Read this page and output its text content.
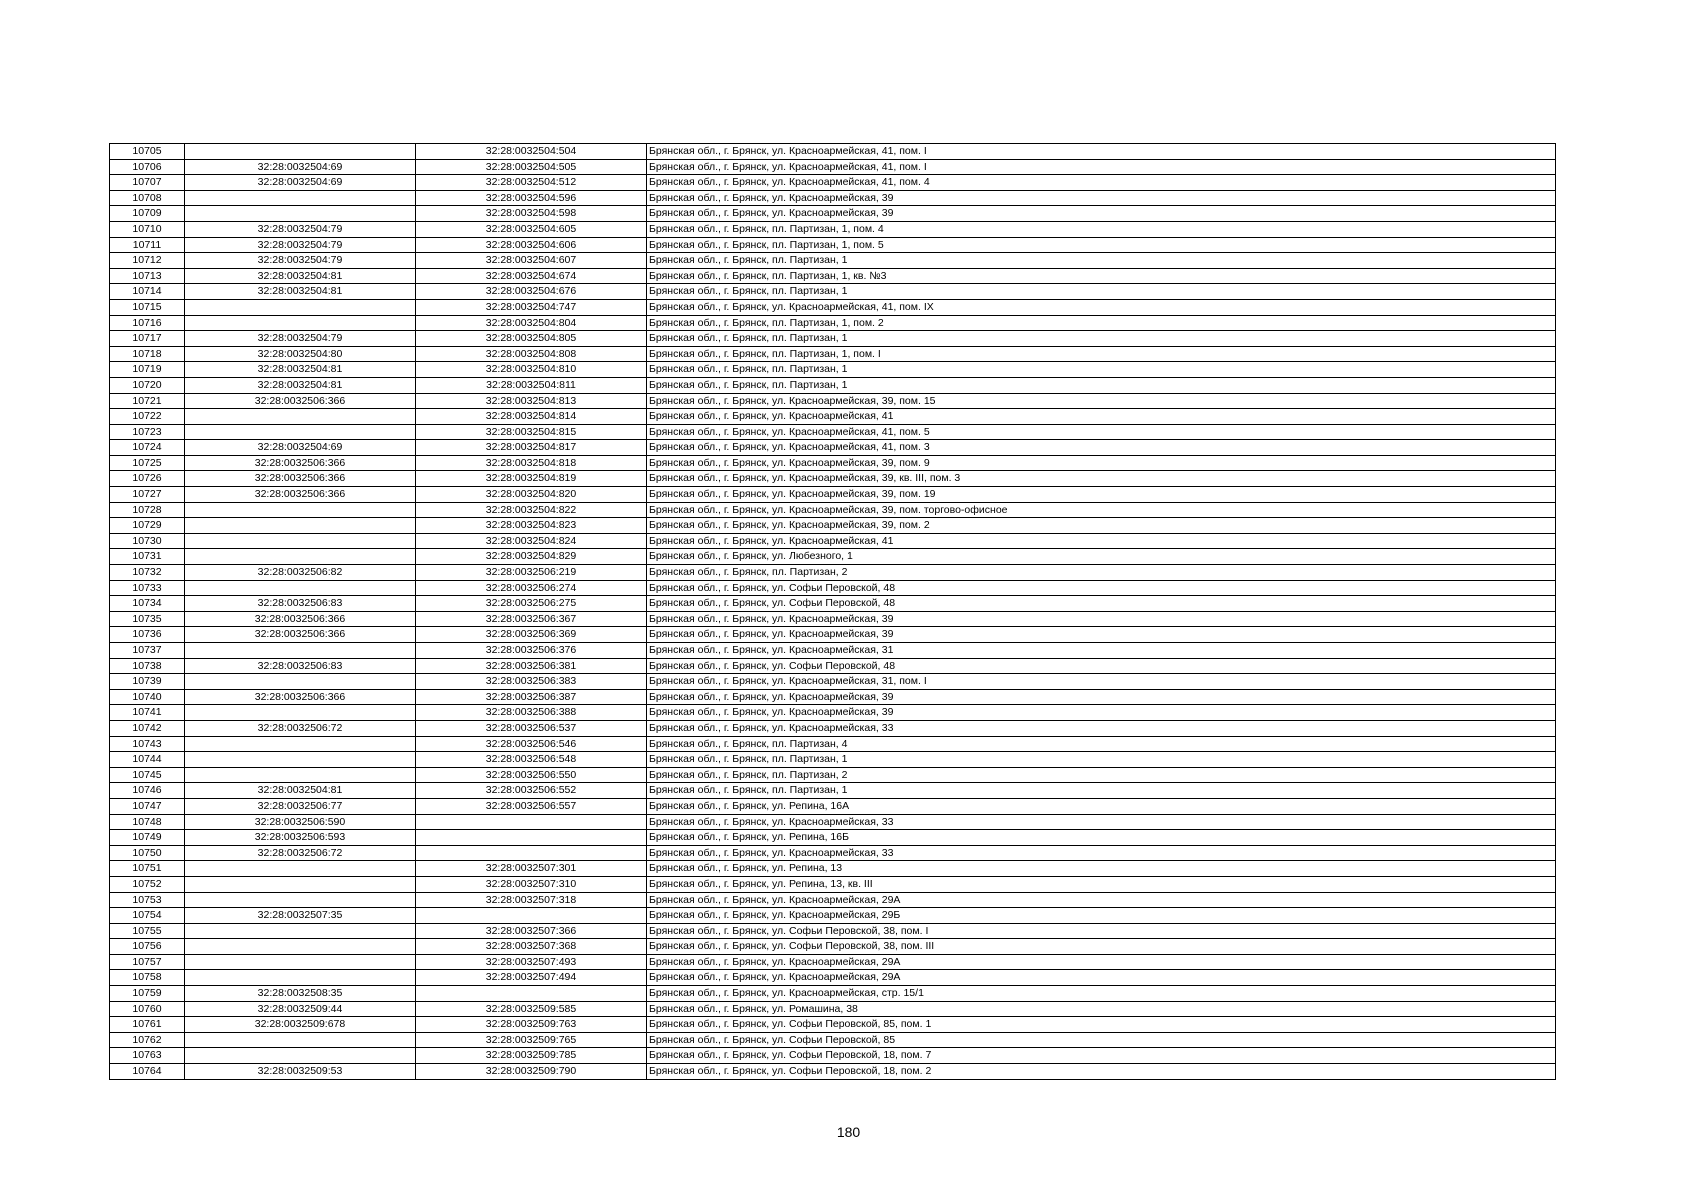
10705		32:28:0032504:504	Брянская обл., г. Брянск, ул. Красноармейская, 41, пом. I
10706	32:28:0032504:69	32:28:0032504:505	Брянская обл., г. Брянск, ул. Красноармейская, 41, пом. I
10707	32:28:0032504:69	32:28:0032504:512	Брянская обл., г. Брянск, ул. Красноармейская, 41, пом. 4
10708		32:28:0032504:596	Брянская обл., г. Брянск, ул. Красноармейская, 39
10709		32:28:0032504:598	Брянская обл., г. Брянск, ул. Красноармейская, 39
10710	32:28:0032504:79	32:28:0032504:605	Брянская обл., г. Брянск, пл. Партизан, 1, пом. 4
10711	32:28:0032504:79	32:28:0032504:606	Брянская обл., г. Брянск, пл. Партизан, 1, пом. 5
10712	32:28:0032504:79	32:28:0032504:607	Брянская обл., г. Брянск, пл. Партизан, 1
10713	32:28:0032504:81	32:28:0032504:674	Брянская обл., г. Брянск, пл. Партизан, 1, кв. №3
10714	32:28:0032504:81	32:28:0032504:676	Брянская обл., г. Брянск, пл. Партизан, 1
10715		32:28:0032504:747	Брянская обл., г. Брянск, ул. Красноармейская, 41, пом. IX
10716		32:28:0032504:804	Брянская обл., г. Брянск, пл. Партизан, 1, пом. 2
10717	32:28:0032504:79	32:28:0032504:805	Брянская обл., г. Брянск, пл. Партизан, 1
10718	32:28:0032504:80	32:28:0032504:808	Брянская обл., г. Брянск, пл. Партизан, 1, пом. I
10719	32:28:0032504:81	32:28:0032504:810	Брянская обл., г. Брянск, пл. Партизан, 1
10720	32:28:0032504:81	32:28:0032504:811	Брянская обл., г. Брянск, пл. Партизан, 1
10721	32:28:0032506:366	32:28:0032504:813	Брянская обл., г. Брянск, ул. Красноармейская, 39, пом. 15
10722		32:28:0032504:814	Брянская обл., г. Брянск, ул. Красноармейская, 41
10723		32:28:0032504:815	Брянская обл., г. Брянск, ул. Красноармейская, 41, пом. 5
10724	32:28:0032504:69	32:28:0032504:817	Брянская обл., г. Брянск, ул. Красноармейская, 41, пом. 3
10725	32:28:0032506:366	32:28:0032504:818	Брянская обл., г. Брянск, ул. Красноармейская, 39, пом. 9
10726	32:28:0032506:366	32:28:0032504:819	Брянская обл., г. Брянск, ул. Красноармейская, 39, кв. III, пом. 3
10727	32:28:0032506:366	32:28:0032504:820	Брянская обл., г. Брянск, ул. Красноармейская, 39, пом. 19
10728		32:28:0032504:822	Брянская обл., г. Брянск, ул. Красноармейская, 39, пом. торгово-офисное
10729		32:28:0032504:823	Брянская обл., г. Брянск, ул. Красноармейская, 39, пом. 2
10730		32:28:0032504:824	Брянская обл., г. Брянск, ул. Красноармейская, 41
10731		32:28:0032504:829	Брянская обл., г. Брянск, ул. Любезного, 1
10732	32:28:0032506:82	32:28:0032506:219	Брянская обл., г. Брянск, пл. Партизан, 2
10733		32:28:0032506:274	Брянская обл., г. Брянск, ул. Софьи Перовской, 48
10734	32:28:0032506:83	32:28:0032506:275	Брянская обл., г. Брянск, ул. Софьи Перовской, 48
10735	32:28:0032506:366	32:28:0032506:367	Брянская обл., г. Брянск, ул. Красноармейская, 39
10736	32:28:0032506:366	32:28:0032506:369	Брянская обл., г. Брянск, ул. Красноармейская, 39
10737		32:28:0032506:376	Брянская обл., г. Брянск, ул. Красноармейская, 31
10738	32:28:0032506:83	32:28:0032506:381	Брянская обл., г. Брянск, ул. Софьи Перовской, 48
10739		32:28:0032506:383	Брянская обл., г. Брянск, ул. Красноармейская, 31, пом. I
10740	32:28:0032506:366	32:28:0032506:387	Брянская обл., г. Брянск, ул. Красноармейская, 39
10741		32:28:0032506:388	Брянская обл., г. Брянск, ул. Красноармейская, 39
10742	32:28:0032506:72	32:28:0032506:537	Брянская обл., г. Брянск, ул. Красноармейская, 33
10743		32:28:0032506:546	Брянская обл., г. Брянск, пл. Партизан, 4
10744		32:28:0032506:548	Брянская обл., г. Брянск, пл. Партизан, 1
10745		32:28:0032506:550	Брянская обл., г. Брянск, пл. Партизан, 2
10746	32:28:0032504:81	32:28:0032506:552	Брянская обл., г. Брянск, пл. Партизан, 1
10747	32:28:0032506:77	32:28:0032506:557	Брянская обл., г. Брянск, ул. Репина, 16А
10748	32:28:0032506:590		Брянская обл., г. Брянск, ул. Красноармейская, 33
10749	32:28:0032506:593		Брянская обл., г. Брянск, ул. Репина, 16Б
10750	32:28:0032506:72		Брянская обл., г. Брянск, ул. Красноармейская, 33
10751		32:28:0032507:301	Брянская обл., г. Брянск, ул. Репина, 13
10752		32:28:0032507:310	Брянская обл., г. Брянск, ул. Репина, 13, кв. III
10753		32:28:0032507:318	Брянская обл., г. Брянск, ул. Красноармейская, 29А
10754	32:28:0032507:35		Брянская обл., г. Брянск, ул. Красноармейская, 29Б
10755		32:28:0032507:366	Брянская обл., г. Брянск, ул. Софьи Перовской, 38, пом. I
10756		32:28:0032507:368	Брянская обл., г. Брянск, ул. Софьи Перовской, 38, пом. III
10757		32:28:0032507:493	Брянская обл., г. Брянск, ул. Красноармейская, 29А
10758		32:28:0032507:494	Брянская обл., г. Брянск, ул. Красноармейская, 29А
10759	32:28:0032508:35		Брянская обл., г. Брянск, ул. Красноармейская, стр. 15/1
10760	32:28:0032509:44	32:28:0032509:585	Брянская обл., г. Брянск, ул. Ромашина, 38
10761	32:28:0032509:678	32:28:0032509:763	Брянская обл., г. Брянск, ул. Софьи Перовской, 85, пом. 1
10762		32:28:0032509:765	Брянская обл., г. Брянск, ул. Софьи Перовской, 85
10763		32:28:0032509:785	Брянская обл., г. Брянск, ул. Софьи Перовской, 18, пом. 7
10764	32:28:0032509:53	32:28:0032509:790	Брянская обл., г. Брянск, ул. Софьи Перовской, 18, пом. 2
180
